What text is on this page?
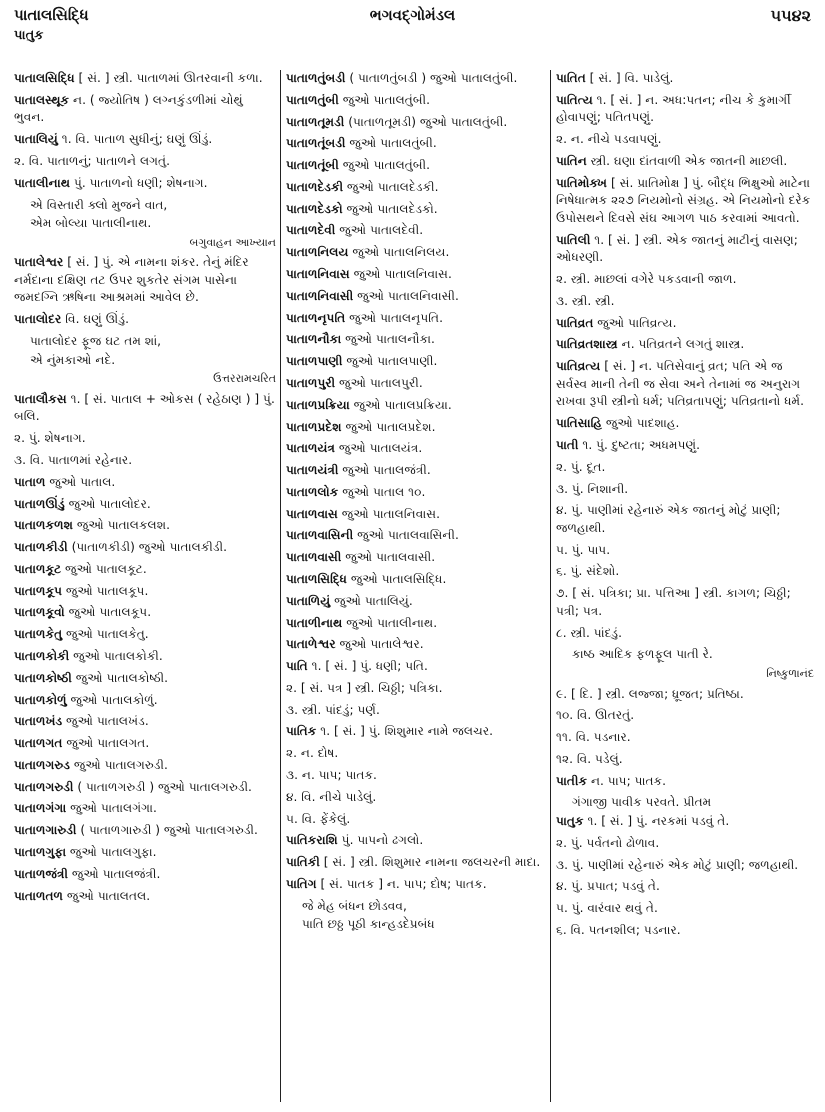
પાતાલસિદ્ધિ
પાતુક
ભગવદ્ગોમંડલ	૫૫૪૨
પાતાલસિદ્ધિ [ સં. ] સ્ત્રી. પાતાળમાં ઊતરવાની કળા.
પાતાલસ્થૂક ન. ( જ્યોતિષ ) લગ્નકુંડળીમાં ચોથું ભુવન.
પાતાલિયું ૧. વિ. પાતાળ સુધીનું; ઘણું ઊંડું.
૨. વિ. પાતાળનું; પાતાળને લગતું.
પાતાલીનાથ પું. પાતાળનો ધણી; શેષનાગ.
એ વિસ્તારી ક્લો મુજને વાત,
એમ બોલ્યા પાતાલીનાથ.
બગુવાહન આખ્યાન
પાતાલેશ્વર [ સં. ] પું. એ નામના શંકર. તેનું મંદિર નર્મદાના દક્ષિણ તટ ઉપર શુકતેર સંગમ પાસેના જમદગ્નિ ઋષિના આશ્રમમાં આવેલ છે.
પાતાલોદર વિ. ઘણું ઊંડું.
પાતાલોદર ફૂજ ઘટ તમ શાં,
એ નુંમકાઓ નદે.
ઉત્તરરામચરિત
પાતાલૌકસ ૧. [ સં. પાતાલ + ઓકસ ( રહેઠાણ ) ] પું. બલિ.
૨. પું. શેષનાગ.
૩. વિ. પાતાળમાં રહેનાર.
પાતાળ જુઓ પાતાલ.
પાતાળઊંડું જુઓ પાતાલોદર.
પાતાળકળશ જુઓ પાતાલકલશ.
પાતાળકીડી (પાતાળકીડી) જુઓ પાતાલકીડી.
પાતાળકૂટ જુઓ પાતાલકૂટ.
પાતાળકૂપ જુઓ પાતાલકૂપ.
પાતાળકૂવો જુઓ પાતાલકૂપ.
પાતાળકેતુ જુઓ પાતાલકેતુ.
પાતાળકોકી જુઓ પાતાલકોકી.
પાતાળકોષ્ઠી જુઓ પાતાલકોષ્ઠી.
પાતાળકોળું જુઓ પાતાલકોળું.
પાતાળખંડ જુઓ પાતાલખંડ.
પાતાળગત જુઓ પાતાલગત.
પાતાળગરુડ જુઓ પાતાલગરુડી.
પાતાળગરુડી ( પાતાળગરુડી ) જુઓ પાતાલગરુડી.
પાતાળગંગા જુઓ પાતાલગંગા.
પાતાળગારુડી ( પાતાળગારુડી ) જુઓ પાતાલગરુડી.
પાતાળગુફા જુઓ પાતાલગુફા.
પાતાળજંત્રી જુઓ પાતાલજંત્રી.
પાતાળતળ જુઓ પાતાલતલ.
પાતાળતુંબડી ( પાતાળતુંબડી ) જુઓ પાતાલતુંબી.
પાતાળતુંબી જુઓ પાતાલતુંબી.
પાતાળતૂમડી (પાતાળતૂમડી) જુઓ પાતાલતુંબી.
પાતાળતૂંબડી જુઓ પાતાલતુંબી.
પાતાળતૂંબી જુઓ પાતાલતુંબી.
પાતાળદેડકી જુઓ પાતાલદેડકી.
પાતાળદેડકો જુઓ પાતાલદેડકો.
પાતાળદેવી જુઓ પાતાલદેવી.
પાતાળનિલય જુઓ પાતાલનિલય.
પાતાળનિવાસ જુઓ પાતાલનિવાસ.
પાતાળનિવાસી જુઓ પાતાલનિવાસી.
પાતાળનૃપતિ જુઓ પાતાલનૃપતિ.
પાતાળનૌકા જુઓ પાતાલનૌકા.
પાતાળપાણી જુઓ પાતાલપાણી.
પાતાળપુરી જુઓ પાતાલપુરી.
પાતાળપ્રક્રિયા જુઓ પાતાલપ્રક્રિયા.
પાતાળપ્રદેશ જુઓ પાતાલપ્રદેશ.
પાતાળયંત્ર જુઓ પાતાલયંત્ર.
પાતાળયંત્રી જુઓ પાતાલજંત્રી.
પાતાળલોક જુઓ પાતાલ ૧૦.
પાતાળવાસ જુઓ પાતાલનિવાસ.
પાતાળવાસિની જુઓ પાતાલવાસિની.
પાતાળવાસી જુઓ પાતાલવાસી.
પાતાળસિદ્ધિ જુઓ પાતાલસિદ્ધિ.
પાતાળિયું જુઓ પાતાલિયું.
પાતાળીનાથ જુઓ પાતાલીનાથ.
પાતાળેશ્વર જુઓ પાતાલેશ્વર.
પાતિ ૧. [ સં. ] પું. ધણી; પતિ.
૨. [ સં. પત્ર ] સ્ત્રી. ચિઠ્ઠી; પત્રિકા.
૩. સ્ત્રી. પાંદડું; પર્ણ.
પાતિક ૧. [ સં. ] પું. શિશુમાર નામે જલચર.
૨. ન. દોષ.
૩. ન. પાપ; પાતક.
૪. વિ. નીચે પાડેલું.
૫. વિ. ફેંકેલું.
પાતિકરાશિ પું. પાપનો ઢગલો.
પાતિકી [ સં. ] સ્ત્રી. શિશુમાર નામના જલચરની માદા.
પાતિગ [ સં. પાતક ] ન. પાપ; દોષ; પાતક.
જે મેહ બંધન છોડવવ,
પાતિ છઠ્ઠ પૂઠી કાન્હડદેપ્રબંધ
પાતિત [ સં. ] વિ. પાડેલું.
પાતિત્ય ૧. [ સં. ] ન. અધ:પતન; નીચ કે કુમાર્ગી હોવાપણું; પતિતપણું.
૨. ન. નીચે પડવાપણું.
પાતિન સ્ત્રી. ઘણા દાંતવાળી એક જાતની માછલી.
પાતિમોક્ખ [ સં. પ્રાતિમોક્ષ ] પું. બૌદ્ધ ભિક્ષુઓ માટેના નિષેધાત્મક ૨૨૭ નિયમોનો સંગ્રહ. એ નિયમોનો દરેક ઉપોસથને દિવસે સંઘ આગળ પાઠ કરવામાં આવતો.
પાતિલી ૧. [ સં. ] સ્ત્રી. એક જાતનું માટીનું વાસણ; ઓધરણી.
૨. સ્ત્રી. માછલાં વગેરે પકડવાની જાળ.
૩. સ્ત્રી. સ્ત્રી.
પાતિવ્રત જુઓ પાતિવ્રત્ય.
પાતિવ્રતશાસ્ત્ર ન. પતિવ્રતને લગતું શાસ્ત્ર.
પાતિવ્રત્ય [ સં. ] ન. પતિસેવાનું વ્રત; પતિ એ જ સર્વસ્વ માની તેની જ સેવા અને તેનામાં જ અનુરાગ રાખવા રૂપી સ્ત્રીનો ધર્મ; પતિવ્રતાપણું; પતિવ્રતાનો ધર્મ.
પાતિસાહિ જુઓ પાદશાહ.
પાતી ૧. પું. દુષ્ટતા; અધમપણું.
૨. પું. દૂત.
૩. પું. નિશાની.
૪. પું. પાણીમાં રહેનારું એક જાતનું મોટું પ્રાણી; જળહાથી.
૫. પું. પાપ.
૬. પું. સંદેશો.
૭. [ સં. પત્રિકા; પ્રા. પત્તિઆ ] સ્ત્રી. કાગળ; ચિઠ્ઠી; પત્રી; પત્ર.
૮. સ્ત્રી. પાંદડું.
કાષ્ઠ આદિક ફળફૂલ પાતી રે.
નિષ્કુળાનંદ
૯. [ દિ. ] સ્ત્રી. લજ્જા; ધ્રૂજત; પ્રતિષ્ઠા.
૧૦. વિ. ઊતરતું.
૧૧. વિ. પડનાર.
૧૨. વિ. પડેલું.
પાતીક ન. પાપ; પાતક.
ગંગાજી પાવીક પરવતે. પ્રીતમ
પાતુક ૧. [ સં. ] પું. નરકમાં પડવું તે.
૨. પું. પર્વતનો ઢોળાવ.
૩. પું. પાણીમાં રહેનારું એક મોટું પ્રાણી; જળહાથી.
૪. પું. પ્રપાત; પડવું તે.
૫. પું. વારંવાર થવું તે.
૬. વિ. પતનશીલ; પડનાર.
